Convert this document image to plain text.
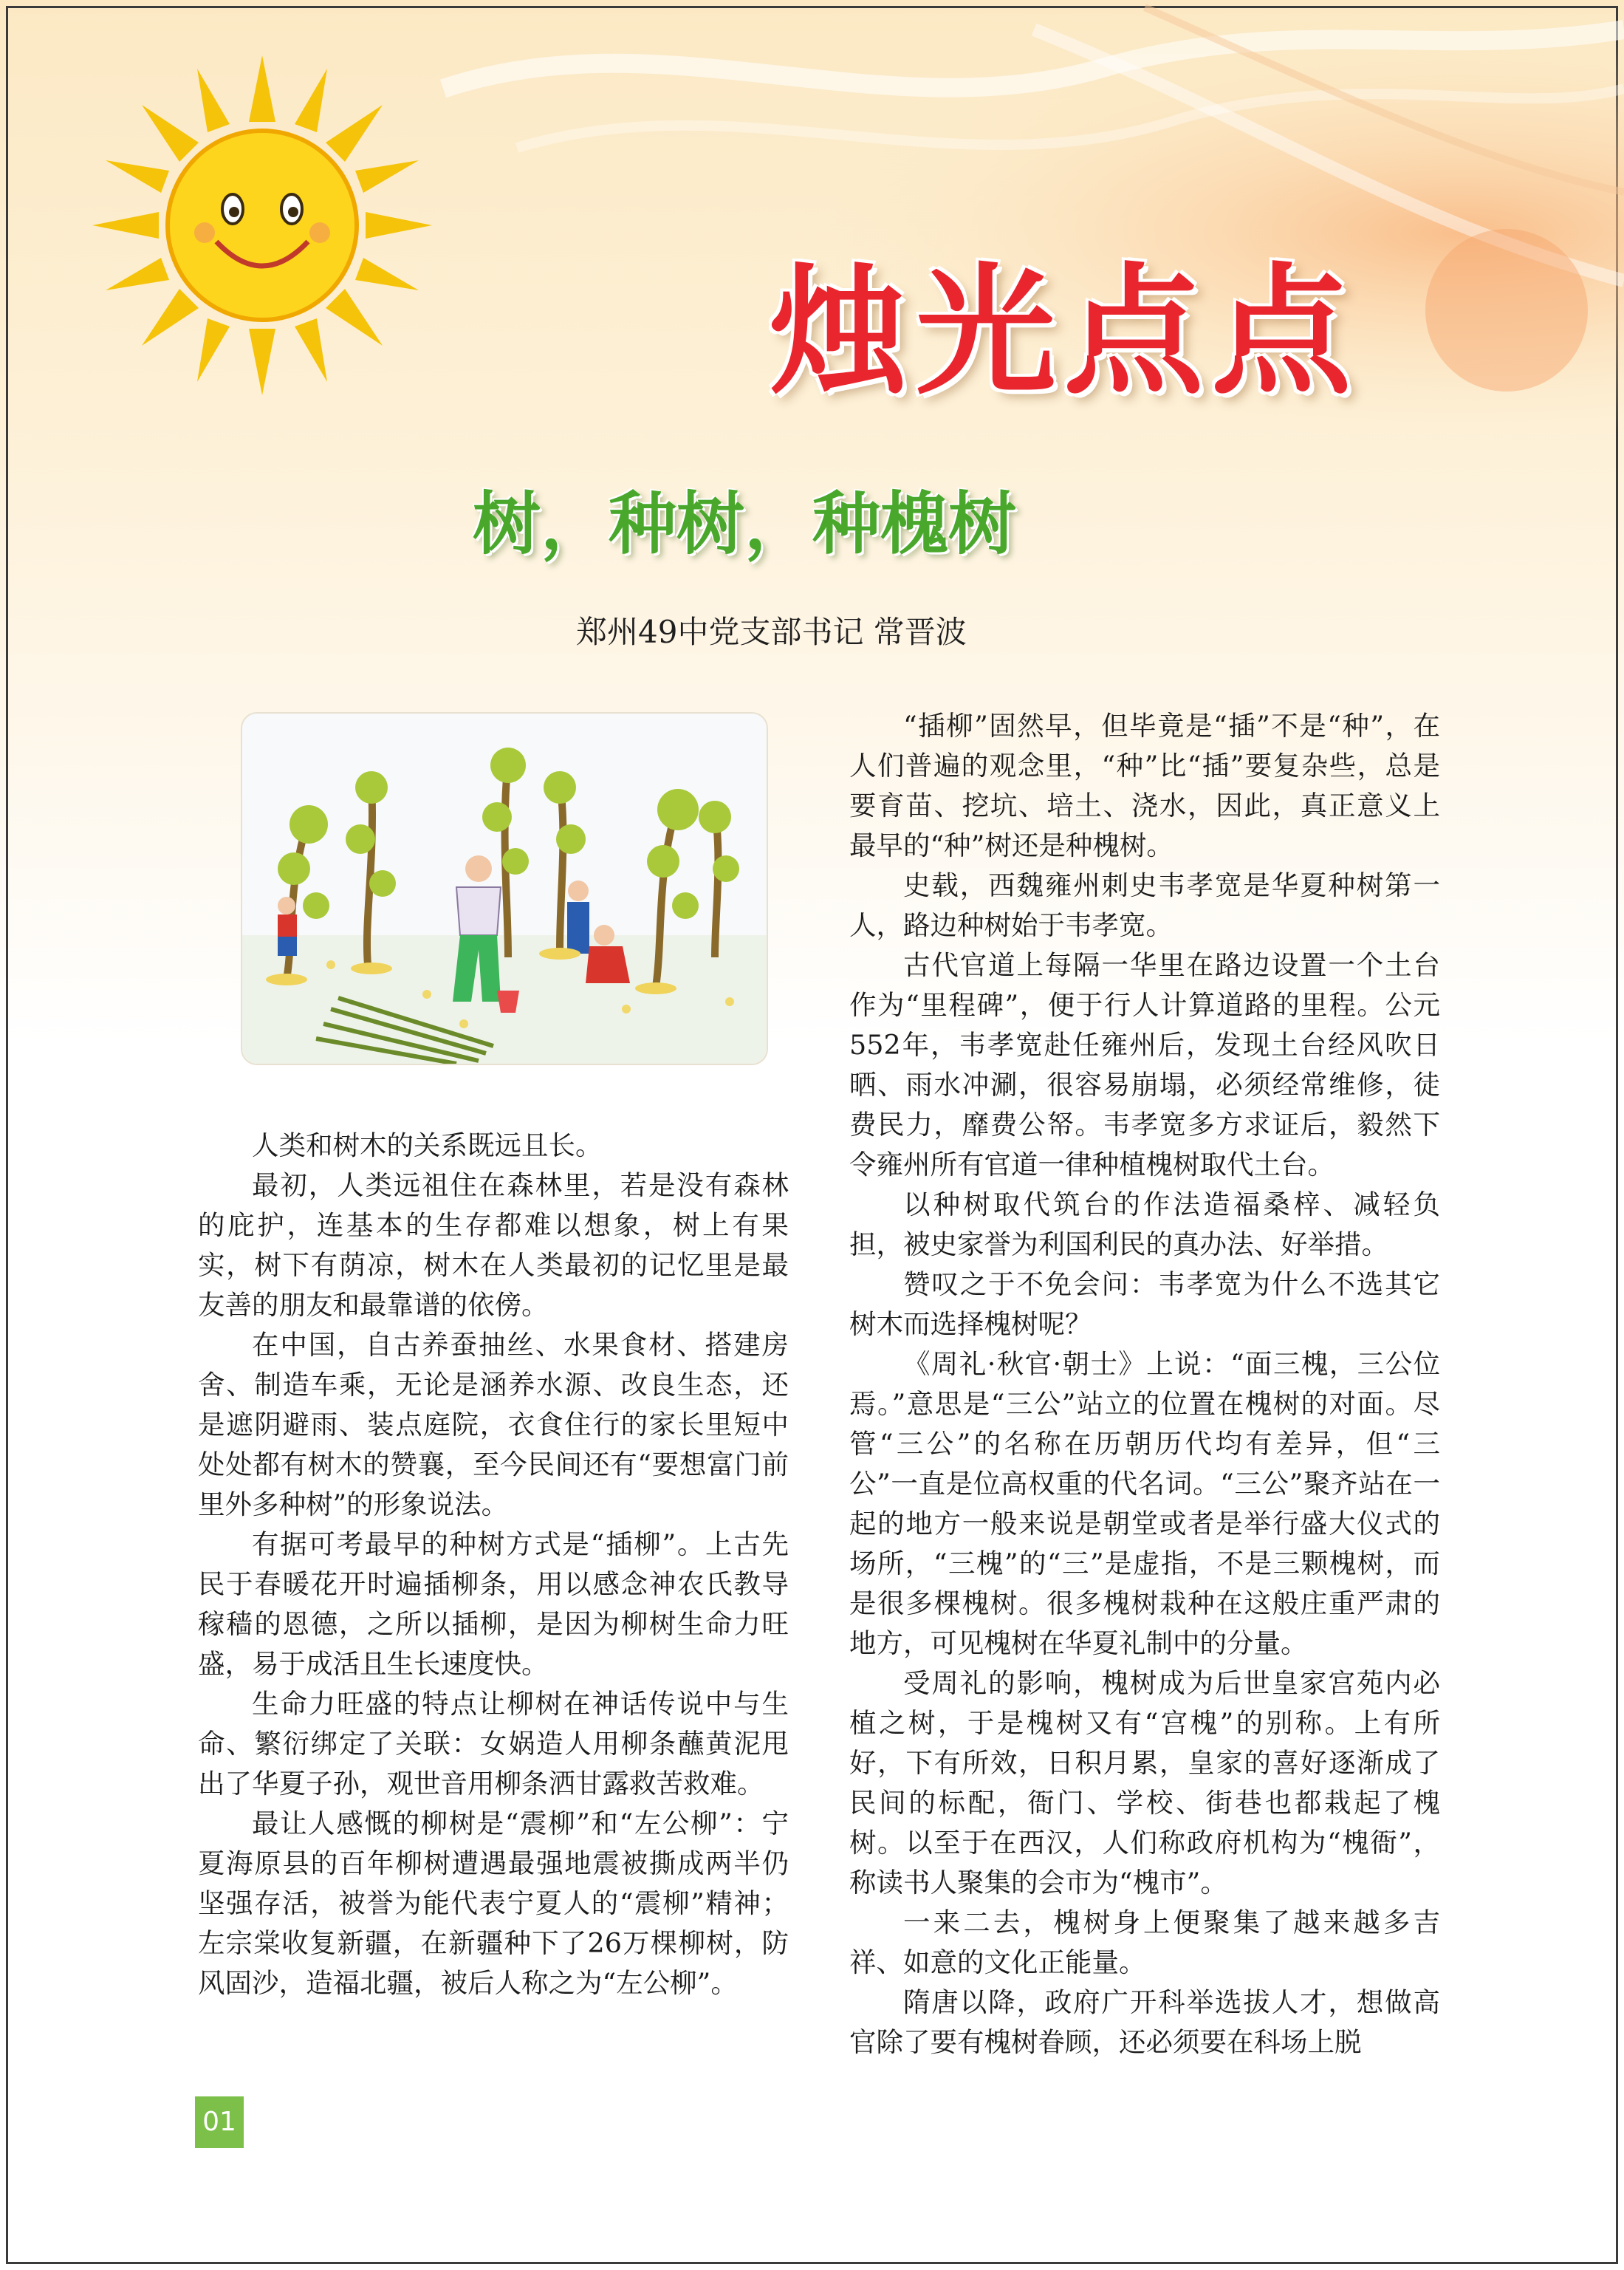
烛光点点
树，种树，种槐树
郑州49中党支部书记 常晋波

人类和树木的关系既远且长。

最初，人类远祖住在森林里，若是没有森林的庇护，连基本的生存都难以想象，树上有果实，树下有荫凉，树木在人类最初的记忆里是最友善的朋友和最靠谱的依傍。

在中国，自古养蚕抽丝、水果食材、搭建房舍、制造车乘，无论是涵养水源、改良生态，还是遮阴避雨、装点庭院，衣食住行的家长里短中处处都有树木的赞襄，至今民间还有“要想富门前里外多种树”的形象说法。

有据可考最早的种树方式是“插柳”。上古先民于春暖花开时遍插柳条，用以感念神农氏教导稼穑的恩德，之所以插柳，是因为柳树生命力旺盛，易于成活且生长速度快。

生命力旺盛的特点让柳树在神话传说中与生命、繁衍绑定了关联：女娲造人用柳条蘸黄泥甩出了华夏子孙，观世音用柳条洒甘露救苦救难。

最让人感慨的柳树是“震柳”和“左公柳”：宁夏海原县的百年柳树遭遇最强地震被撕成两半仍坚强存活，被誉为能代表宁夏人的“震柳”精神；左宗棠收复新疆，在新疆种下了26万棵柳树，防风固沙，造福北疆，被后人称之为“左公柳”。

“插柳”固然早，但毕竟是“插”不是“种”，在人们普遍的观念里，“种”比“插”要复杂些，总是要育苗、挖坑、培土、浇水，因此，真正意义上最早的“种”树还是种槐树。

史载，西魏雍州刺史韦孝宽是华夏种树第一人，路边种树始于韦孝宽。

古代官道上每隔一华里在路边设置一个土台作为“里程碑”，便于行人计算道路的里程。公元552年，韦孝宽赴任雍州后，发现土台经风吹日晒、雨水冲涮，很容易崩塌，必须经常维修，徒费民力，靡费公帑。韦孝宽多方求证后，毅然下令雍州所有官道一律种植槐树取代土台。

以种树取代筑台的作法造福桑梓、减轻负担，被史家誉为利国利民的真办法、好举措。

赞叹之于不免会问：韦孝宽为什么不选其它树木而选择槐树呢？

《周礼·秋官·朝士》上说：“面三槐，三公位焉。”意思是“三公”站立的位置在槐树的对面。尽管“三公”的名称在历朝历代均有差异，但“三公”一直是位高权重的代名词。“三公”聚齐站在一起的地方一般来说是朝堂或者是举行盛大仪式的场所，“三槐”的“三”是虚指，不是三颗槐树，而是很多棵槐树。很多槐树栽种在这般庄重严肃的地方，可见槐树在华夏礼制中的分量。

受周礼的影响，槐树成为后世皇家宫苑内必植之树，于是槐树又有“宫槐”的别称。上有所好，下有所效，日积月累，皇家的喜好逐渐成了民间的标配，衙门、学校、街巷也都栽起了槐树。以至于在西汉，人们称政府机构为“槐衙”，称读书人聚集的会市为“槐市”。

一来二去，槐树身上便聚集了越来越多吉祥、如意的文化正能量。

隋唐以降，政府广开科举选拔人才，想做高官除了要有槐树眷顾，还必须要在科场上脱

01
